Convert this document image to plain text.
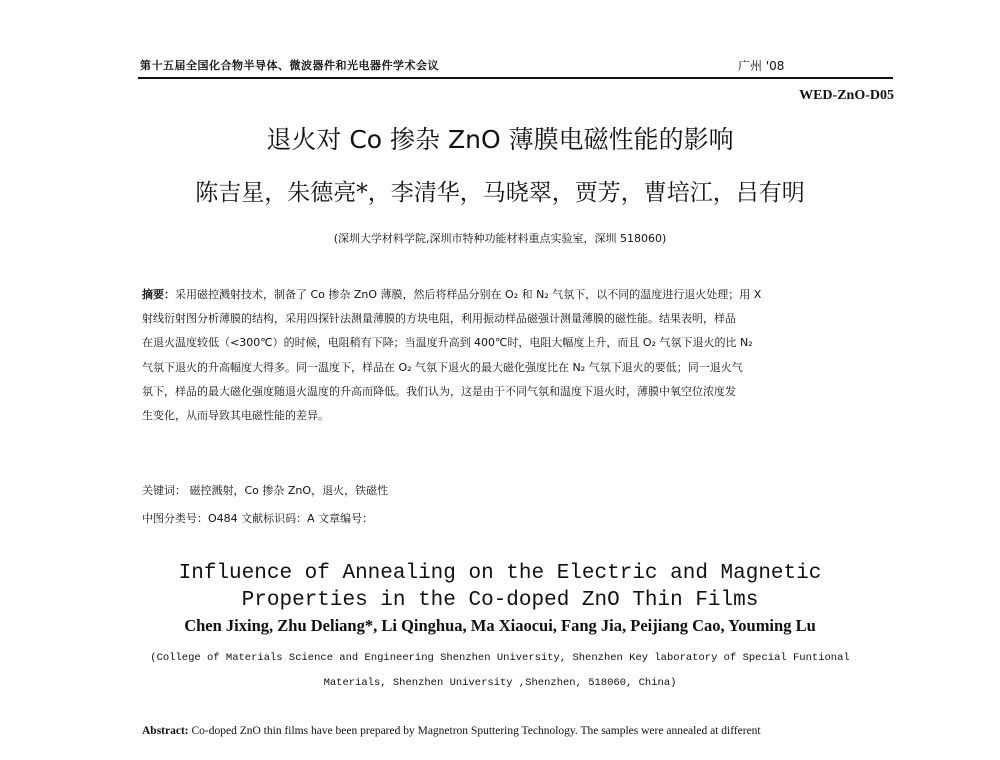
第十五届全国化合物半导体、微波器件和光电器件学术会议	广州 '08
WED-ZnO-D05
退火对 Co 掺杂 ZnO 薄膜电磁性能的影响
陈吉星，朱德亮*，李清华，马晓翠，贾芳，曹培江，吕有明
(深圳大学材料学院,深圳市特种功能材料重点实验室，深圳 518060)
摘要：采用磁控溅射技术，制备了 Co 掺杂 ZnO 薄膜，然后将样品分别在 O₂ 和 N₂ 气氛下，以不同的温度进行退火处理；用 X
射线衍射图分析薄膜的结构，采用四探针法测量薄膜的方块电阻，利用振动样品磁强计测量薄膜的磁性能。结果表明，样品
在退火温度较低（<300℃）的时候，电阻稍有下降；当温度升高到 400℃时，电阻大幅度上升，而且 O₂ 气氛下退火的比 N₂
气氛下退火的升高幅度大得多。同一温度下，样品在 O₂ 气氛下退火的最大磁化强度比在 N₂ 气氛下退火的要低；同一退火气
氛下，样品的最大磁化强度随退火温度的升高而降低。我们认为，这是由于不同气氛和温度下退火时，薄膜中氧空位浓度发
生变化，从而导致其电磁性能的差异。
关键词： 磁控溅射，Co 掺杂 ZnO，退火，铁磁性
中图分类号：O484 文献标识码：A 文章编号：
Influence of Annealing on the Electric and Magnetic
Properties in the Co-doped ZnO Thin Films
Chen Jixing, Zhu Deliang*, Li Qinghua, Ma Xiaocui, Fang Jia, Peijiang Cao, Youming Lu
(College of Materials Science and Engineering Shenzhen University, Shenzhen Key laboratory of Special Funtional
Materials, Shenzhen University ,Shenzhen, 518060, China)
Abstract: Co-doped ZnO thin films have been prepared by Magnetron Sputtering Technology. The samples were annealed at different
